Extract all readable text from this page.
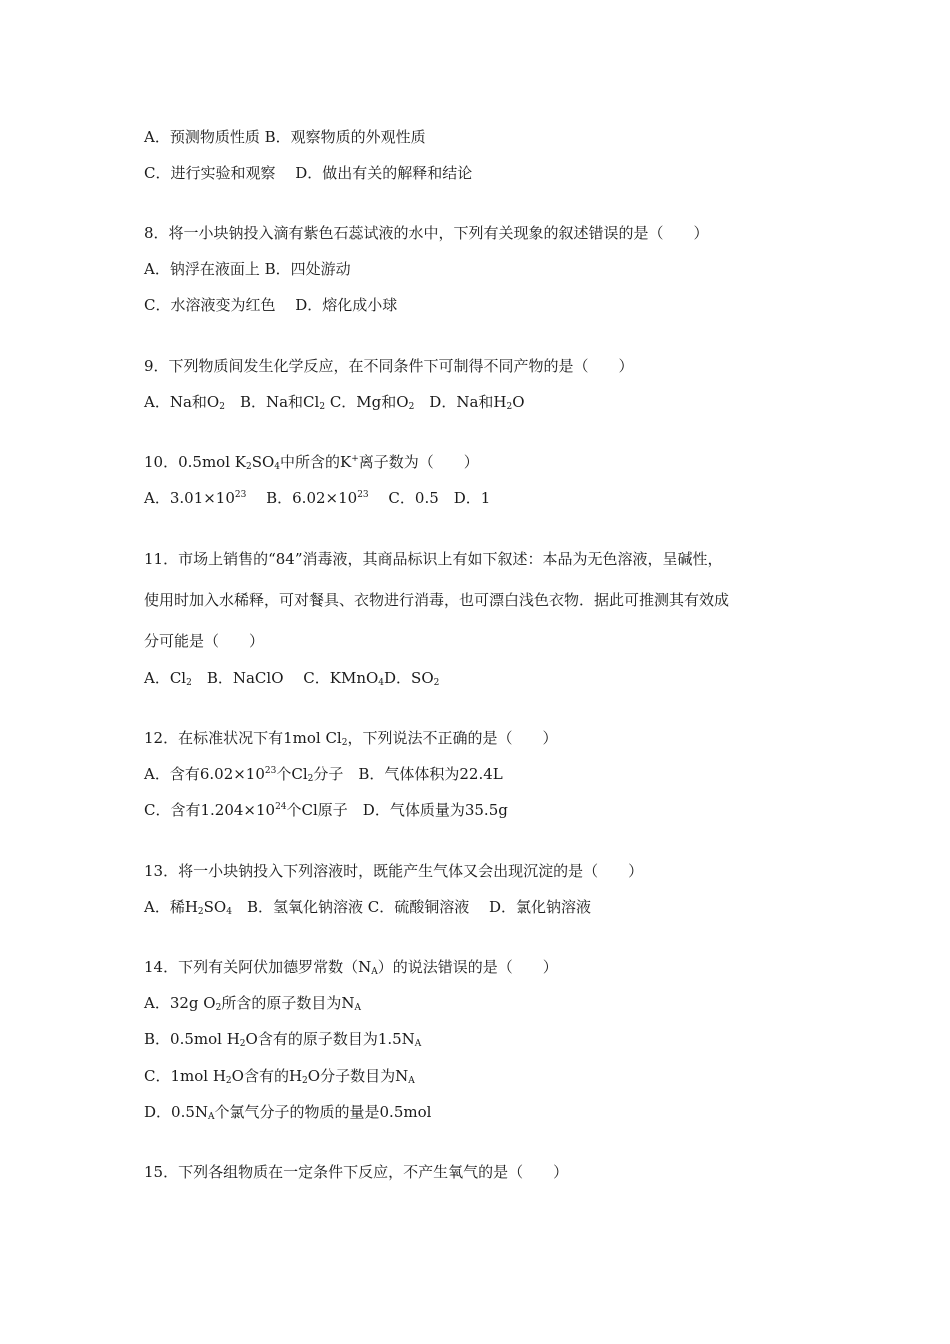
A．预测物质性质 B．观察物质的外观性质
C．进行实验和观察　 D．做出有关的解释和结论
8．将一小块钠投入滴有紫色石蕊试液的水中，下列有关现象的叙述错误的是（　　）
A．钠浮在液面上 B．四处游动
C．水溶液变为红色　 D．熔化成小球
9．下列物质间发生化学反应，在不同条件下可制得不同产物的是（　　）
A．Na和$O_2$　B．Na和$Cl_2$ C．Mg和$O_2$　D．Na和$H_2O$
10．0.5mol $K_2SO_4$中所含的K+离子数为（　　）
A．$3.01\times 10^{23}$　 B．$6.02\times 10^{23}$　 C．0.5　D．1
11．市场上销售的“84”消毒液，其商品标识上有如下叙述：本品为无色溶液，呈碱性，
使用时加入水稀释，可对餐具、衣物进行消毒，也可漂白浅色衣物．据此可推测其有效成
分可能是（　　）
A．$Cl_2$　B．NaClO　 C．KMnO$_4$D．$SO_2$
12．在标准状况下有1mol $Cl_2$，下列说法不正确的是（　　）
A．含有$6.02\times 10^{23}$个$Cl_2$分子　B．气体体积为22.4L
C．含有$1.204\times 10^{24}$个Cl原子　D．气体质量为35.5g
13．将一小块钠投入下列溶液时，既能产生气体又会出现沉淀的是（　　）
A．稀$H_2SO_4$　B．氢氧化钠溶液 C．硫酸铜溶液　 D．氯化钠溶液
14．下列有关阿伏加德罗常数$(N_A)$的说法错误的是（　　）
A．32g $O_2$所含的原子数目为$N_A$
B．0.5mol $H_2O$含有的原子数目为$1.5N_A$
C．1mol $H_2O$含有的$H_2O$分子数目为$N_A$
D．$0.5N_A$个氯气分子的物质的量是0.5mol
15．下列各组物质在一定条件下反应，不产生氧气的是（　　）
